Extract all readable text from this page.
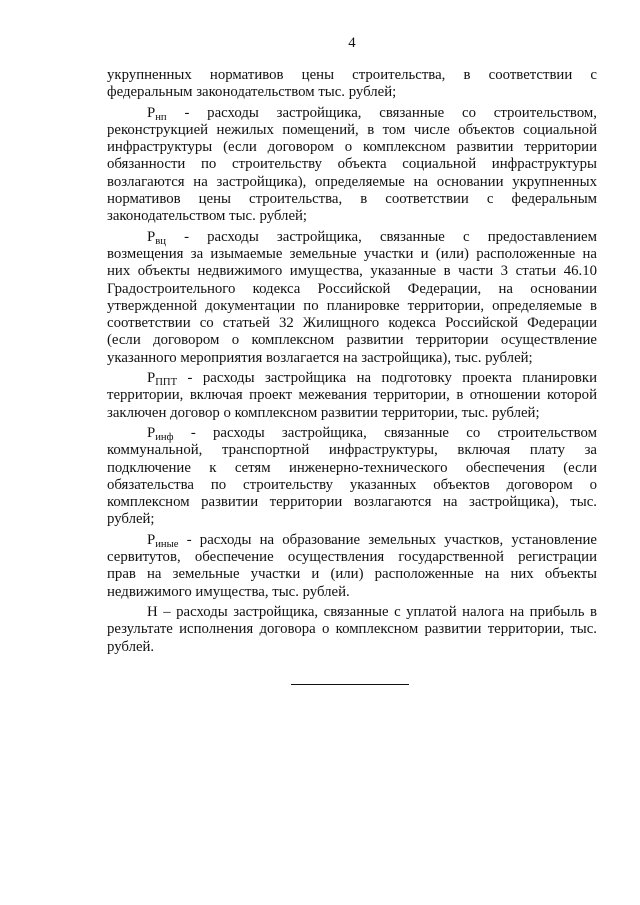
4
укрупненных нормативов цены строительства, в соответствии с
федеральным законодательством тыс. рублей;
$Р_{нп}$ - расходы застройщика, связанные со строительством,
реконструкцией нежилых помещений, в том числе объектов социальной
инфраструктуры (если договором о комплексном развитии территории
обязанности по строительству объекта социальной инфраструктуры
возлагаются на застройщика), определяемые на основании укрупненных
нормативов цены строительства, в соответствии с федеральным
законодательством тыс. рублей;
$Р_{вц}$ - расходы застройщика, связанные с предоставлением
возмещения за изымаемые земельные участки и (или) расположенные на
них объекты недвижимого имущества, указанные в части 3 статьи 46.10
Градостроительного кодекса Российской Федерации, на основании
утвержденной документации по планировке территории, определяемые в
соответствии со статьей 32 Жилищного кодекса Российской Федерации
(если договором о комплексном развитии территории осуществление
указанного мероприятия возлагается на застройщика), тыс. рублей;
$Р_{ППТ}$ - расходы застройщика на подготовку проекта планировки
территории, включая проект межевания территории, в отношении которой
заключен договор о комплексном развитии территории, тыс. рублей;
$Р_{инф}$ - расходы застройщика, связанные со строительством
коммунальной, транспортной инфраструктуры, включая плату за
подключение к сетям инженерно-технического обеспечения (если
обязательства по строительству указанных объектов договором о
комплексном развитии территории возлагаются на застройщика), тыс.
рублей;
$Р_{иные}$ - расходы на образование земельных участков, установление
сервитутов, обеспечение осуществления государственной регистрации
прав на земельные участки и (или) расположенные на них объекты
недвижимого имущества, тыс. рублей.
Н – расходы застройщика, связанные с уплатой налога на прибыль в
результате исполнения договора о комплексном развитии территории, тыс.
рублей.
